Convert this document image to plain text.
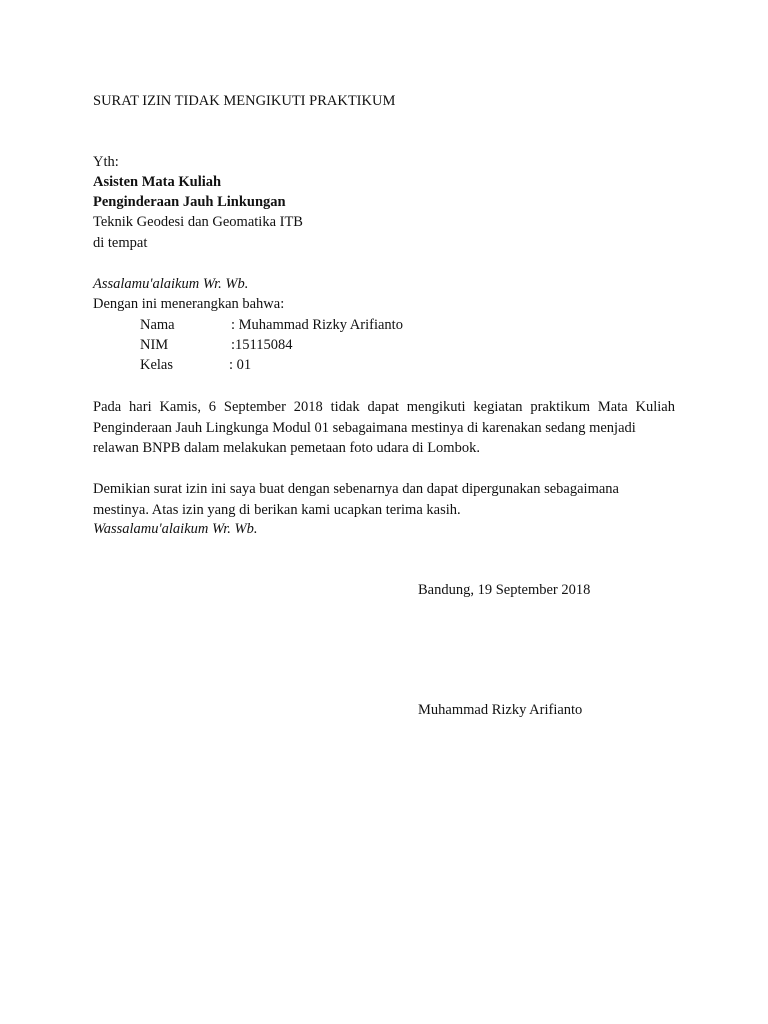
SURAT IZIN TIDAK MENGIKUTI PRAKTIKUM
Yth:
Asisten Mata Kuliah
Penginderaan Jauh Linkungan
Teknik Geodesi dan Geomatika ITB
di tempat
Assalamu'alaikum Wr. Wb.
Dengan ini menerangkan bahwa:
Nama	: Muhammad Rizky Arifianto
NIM	:15115084
Kelas	: 01
Pada hari Kamis, 6 September 2018 tidak dapat mengikuti kegiatan praktikum Mata Kuliah Penginderaan Jauh Lingkunga Modul 01 sebagaimana mestinya di karenakan sedang menjadi
relawan BNPB dalam melakukan pemetaan foto udara di Lombok.
Demikian surat izin ini saya buat dengan sebenarnya dan dapat dipergunakan sebagaimana
mestinya. Atas izin yang di berikan kami ucapkan terima kasih.
Wassalamu'alaikum Wr. Wb.
Bandung, 19 September 2018
Muhammad Rizky Arifianto
